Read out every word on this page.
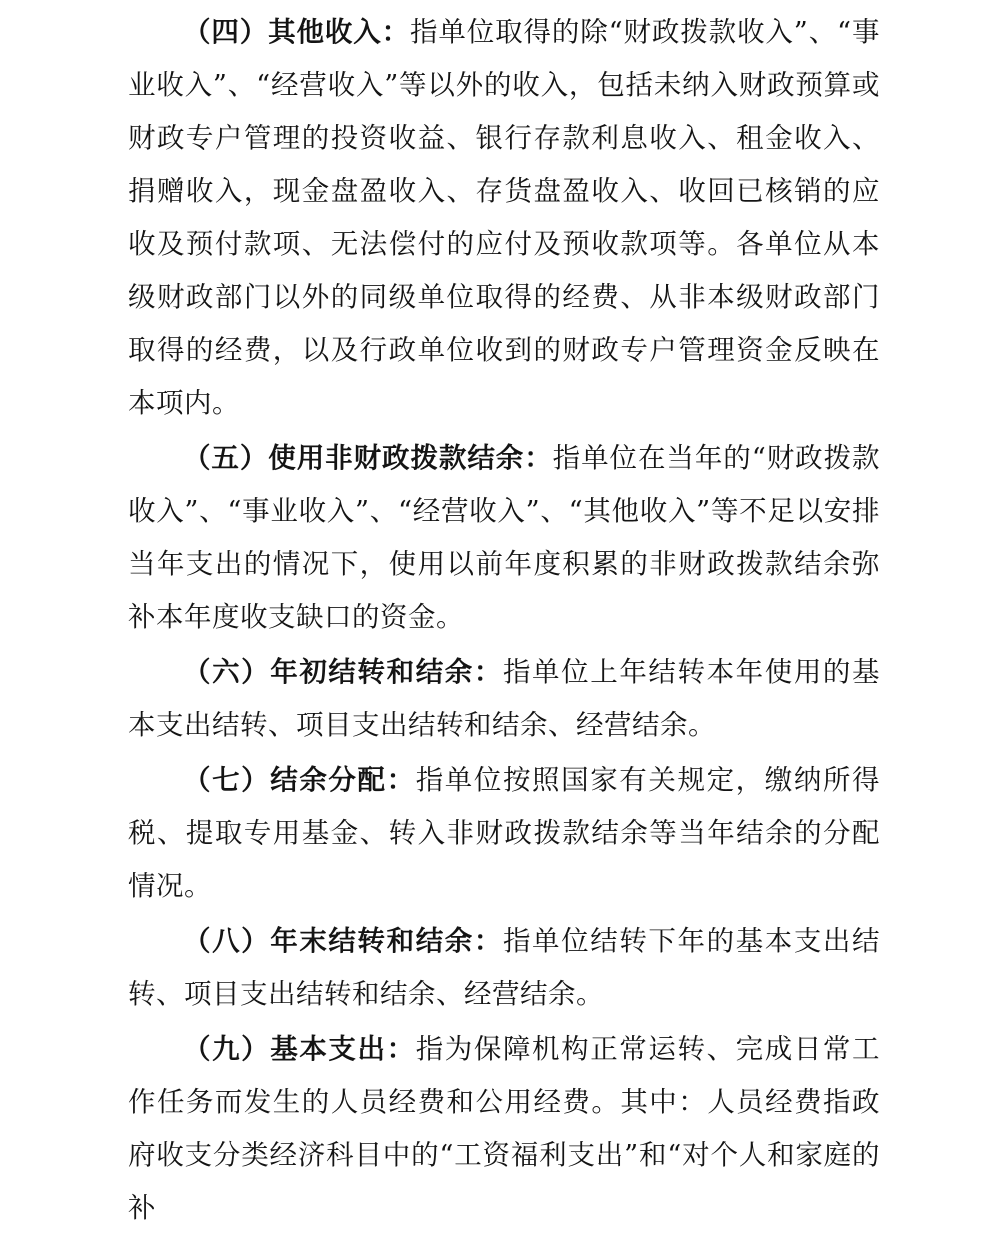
（四）其他收入：指单位取得的除“财政拨款收入”、“事业收入”、“经营收入”等以外的收入，包括未纳入财政预算或财政专户管理的投资收益、银行存款利息收入、租金收入、捐赠收入，现金盘盈收入、存货盘盈收入、收回已核销的应收及预付款项、无法偿付的应付及预收款项等。各单位从本级财政部门以外的同级单位取得的经费、从非本级财政部门取得的经费，以及行政单位收到的财政专户管理资金反映在本项内。

（五）使用非财政拨款结余：指单位在当年的“财政拨款收入”、“事业收入”、“经营收入”、“其他收入”等不足以安排当年支出的情况下，使用以前年度积累的非财政拨款结余弥补本年度收支缺口的资金。

（六）年初结转和结余：指单位上年结转本年使用的基本支出结转、项目支出结转和结余、经营结余。

（七）结余分配：指单位按照国家有关规定，缴纳所得税、提取专用基金、转入非财政拨款结余等当年结余的分配情况。

（八）年末结转和结余：指单位结转下年的基本支出结转、项目支出结转和结余、经营结余。

（九）基本支出：指为保障机构正常运转、完成日常工作任务而发生的人员经费和公用经费。其中：人员经费指政府收支分类经济科目中的“工资福利支出”和“对个人和家庭的补
